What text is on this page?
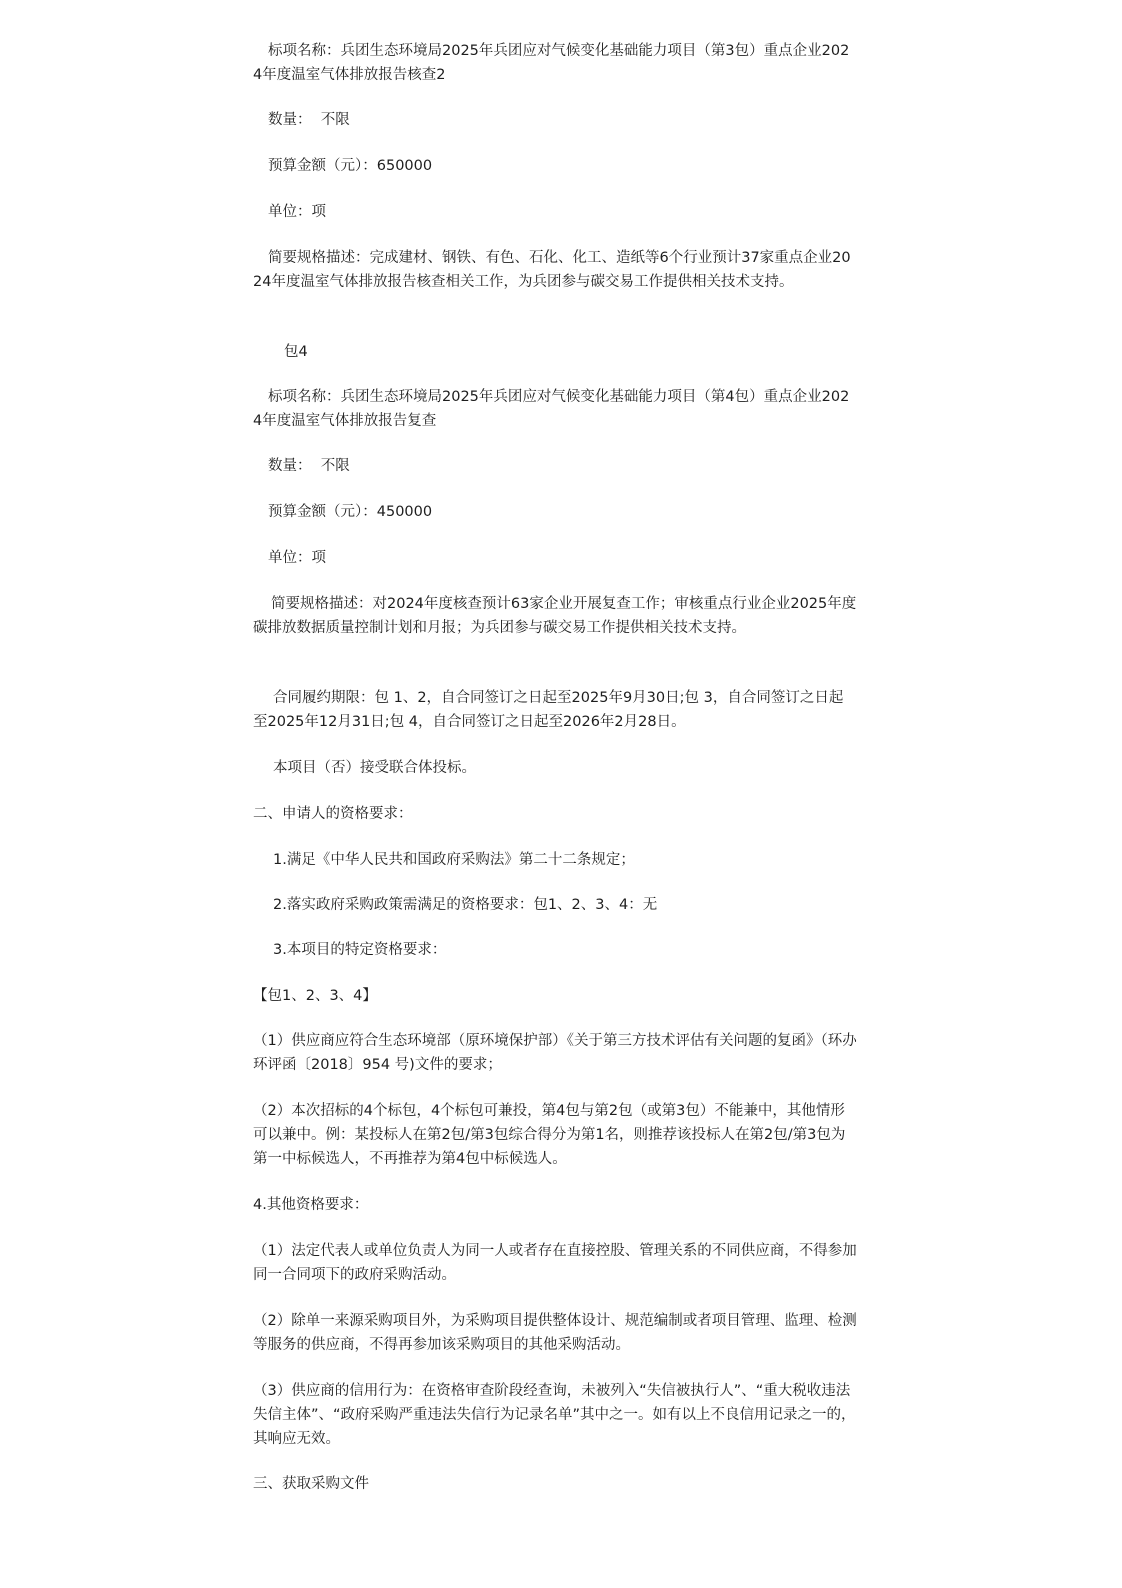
标项名称：兵团生态环境局2025年兵团应对气候变化基础能力项目（第3包）重点企业2024年度温室气体排放报告核查2

数量：  不限

预算金额（元）：650000

单位：项

简要规格描述：完成建材、钢铁、有色、石化、化工、造纸等6个行业预计37家重点企业2024年度温室气体排放报告核查相关工作，为兵团参与碳交易工作提供相关技术支持。

包4

标项名称：兵团生态环境局2025年兵团应对气候变化基础能力项目（第4包）重点企业2024年度温室气体排放报告复查

数量：  不限

预算金额（元）：450000

单位：项

简要规格描述：对2024年度核查预计63家企业开展复查工作；审核重点行业企业2025年度碳排放数据质量控制计划和月报；为兵团参与碳交易工作提供相关技术支持。

合同履约期限：包 1、2，自合同签订之日起至2025年9月30日;包 3，自合同签订之日起至2025年12月31日;包 4，自合同签订之日起至2026年2月28日。

本项目（否）接受联合体投标。

二、申请人的资格要求：

1.满足《中华人民共和国政府采购法》第二十二条规定；

2.落实政府采购政策需满足的资格要求：包1、2、3、4：无

3.本项目的特定资格要求：

【包1、2、3、4】

（1）供应商应符合生态环境部（原环境保护部）《关于第三方技术评估有关问题的复函》（环办环评函〔2018〕954 号)文件的要求；

（2）本次招标的4个标包，4个标包可兼投，第4包与第2包（或第3包）不能兼中，其他情形可以兼中。例：某投标人在第2包/第3包综合得分为第1名，则推荐该投标人在第2包/第3包为第一中标候选人，不再推荐为第4包中标候选人。

4.其他资格要求：

（1）法定代表人或单位负责人为同一人或者存在直接控股、管理关系的不同供应商，不得参加同一合同项下的政府采购活动。

（2）除单一来源采购项目外，为采购项目提供整体设计、规范编制或者项目管理、监理、检测等服务的供应商，不得再参加该采购项目的其他采购活动。

（3）供应商的信用行为：在资格审查阶段经查询，未被列入“失信被执行人”、“重大税收违法失信主体”、“政府采购严重违法失信行为记录名单”其中之一。如有以上不良信用记录之一的，其响应无效。

三、获取采购文件
